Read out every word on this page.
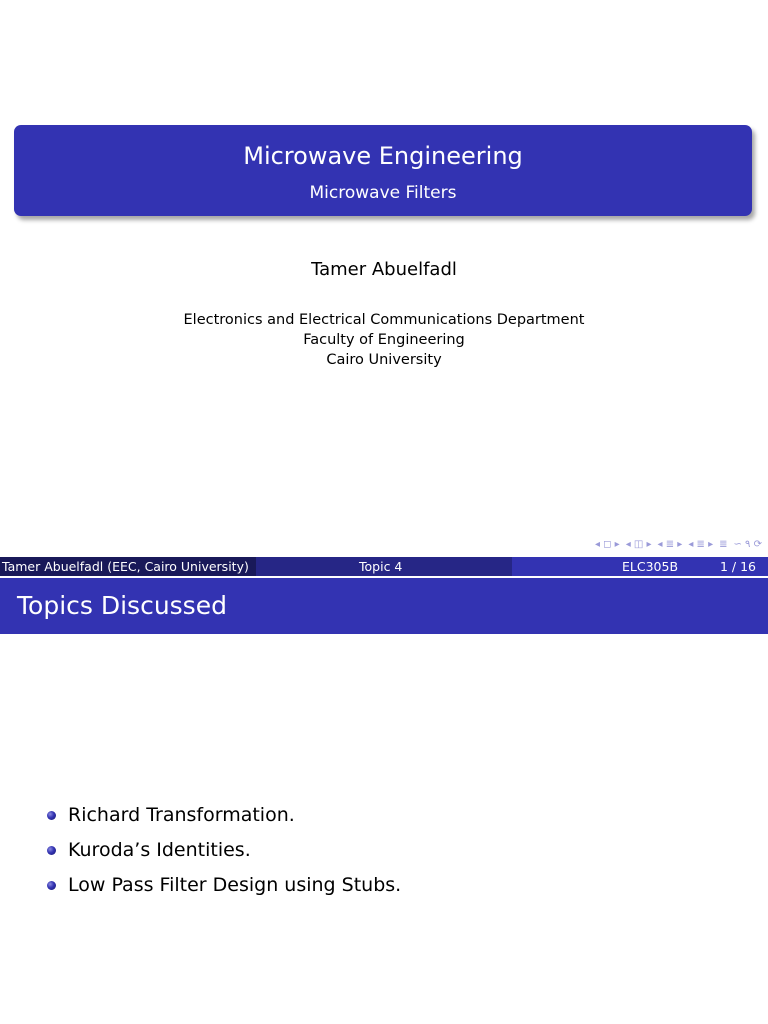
Microwave Engineering
Microwave Filters
Tamer Abuelfadl
Electronics and Electrical Communications Department
Faculty of Engineering
Cairo University
◂ ◻ ▸ ◂ ◫ ▸ ◂ ≣ ▸ ◂ ≣ ▸ ≣ ∽ ۹ ⟳
Tamer Abuelfadl (EEC, Cairo University)	Topic 4	ELC305B	1 / 16
Topics Discussed
Richard Transformation.
Kuroda’s Identities.
Low Pass Filter Design using Stubs.
